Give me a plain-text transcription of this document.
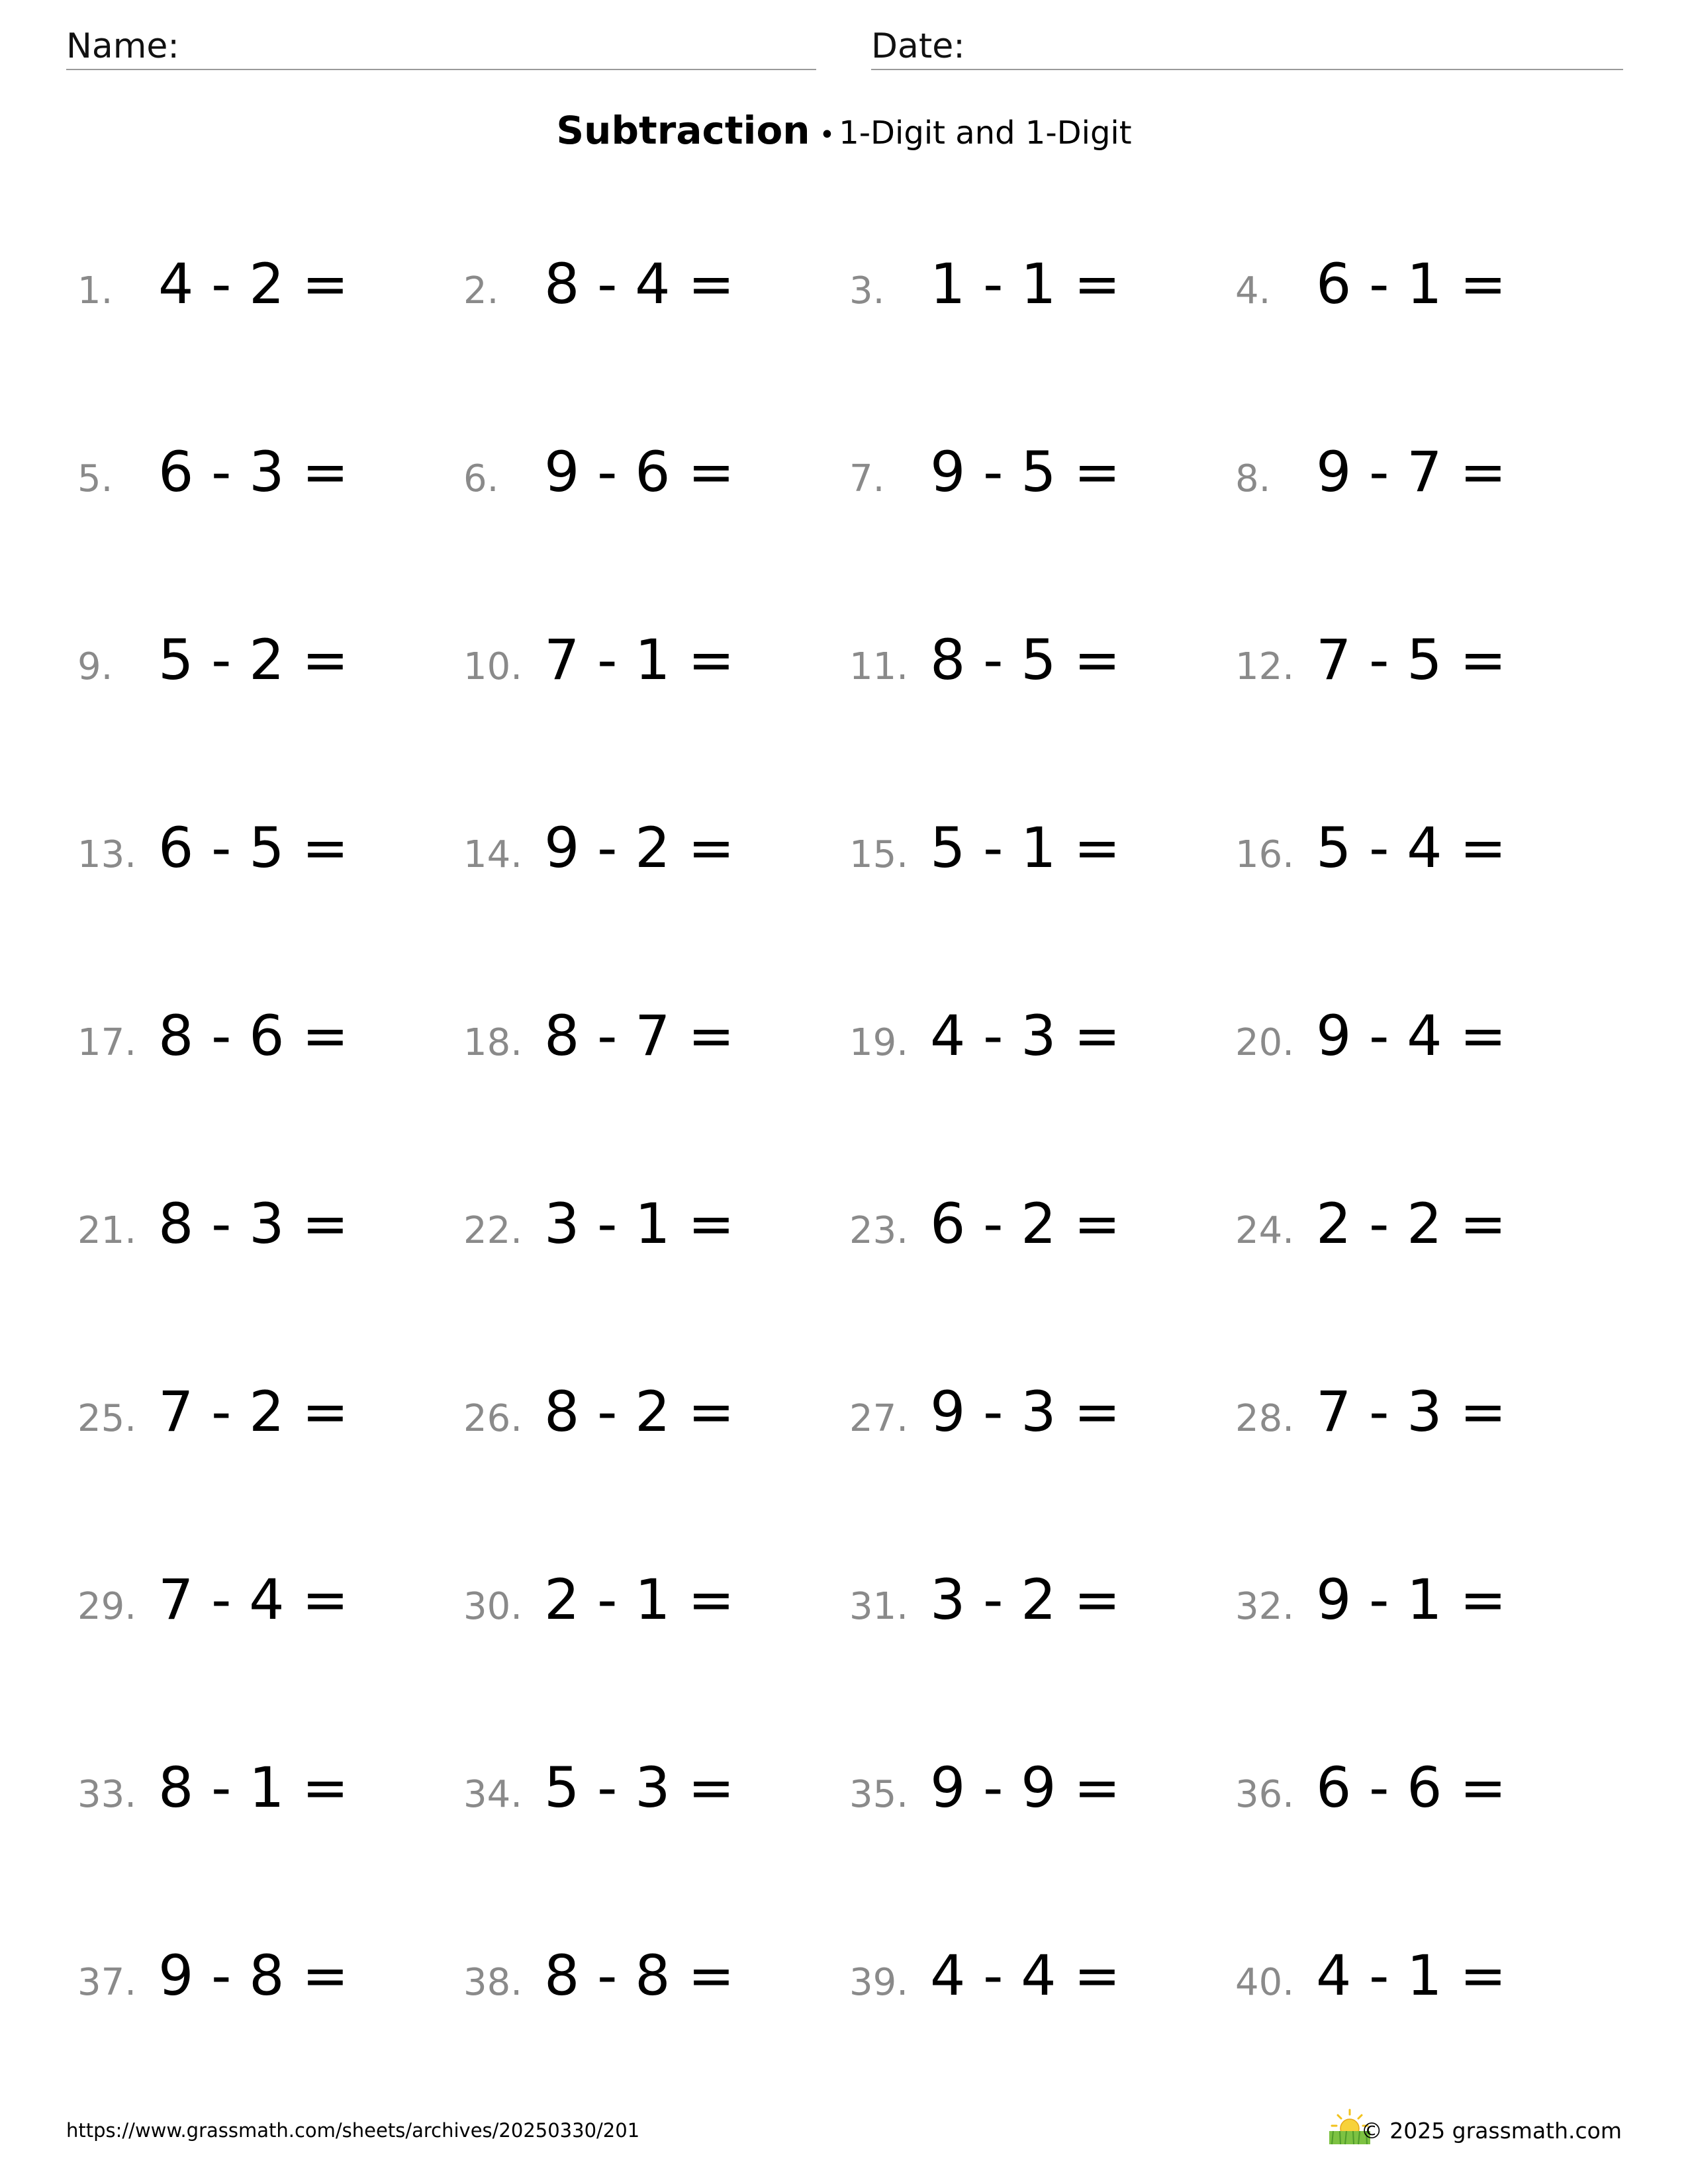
Name:	Date:
Subtraction • 1-Digit and 1-Digit
1. 4 - 2 =	2. 8 - 4 =	3. 1 - 1 =	4. 6 - 1 =
5. 6 - 3 =	6. 9 - 6 =	7. 9 - 5 =	8. 9 - 7 =
9. 5 - 2 =	10. 7 - 1 =	11. 8 - 5 =	12. 7 - 5 =
13. 6 - 5 =	14. 9 - 2 =	15. 5 - 1 =	16. 5 - 4 =
17. 8 - 6 =	18. 8 - 7 =	19. 4 - 3 =	20. 9 - 4 =
21. 8 - 3 =	22. 3 - 1 =	23. 6 - 2 =	24. 2 - 2 =
25. 7 - 2 =	26. 8 - 2 =	27. 9 - 3 =	28. 7 - 3 =
29. 7 - 4 =	30. 2 - 1 =	31. 3 - 2 =	32. 9 - 1 =
33. 8 - 1 =	34. 5 - 3 =	35. 9 - 9 =	36. 6 - 6 =
37. 9 - 8 =	38. 8 - 8 =	39. 4 - 4 =	40. 4 - 1 =
https://www.grassmath.com/sheets/archives/20250330/201	© 2025 grassmath.com
